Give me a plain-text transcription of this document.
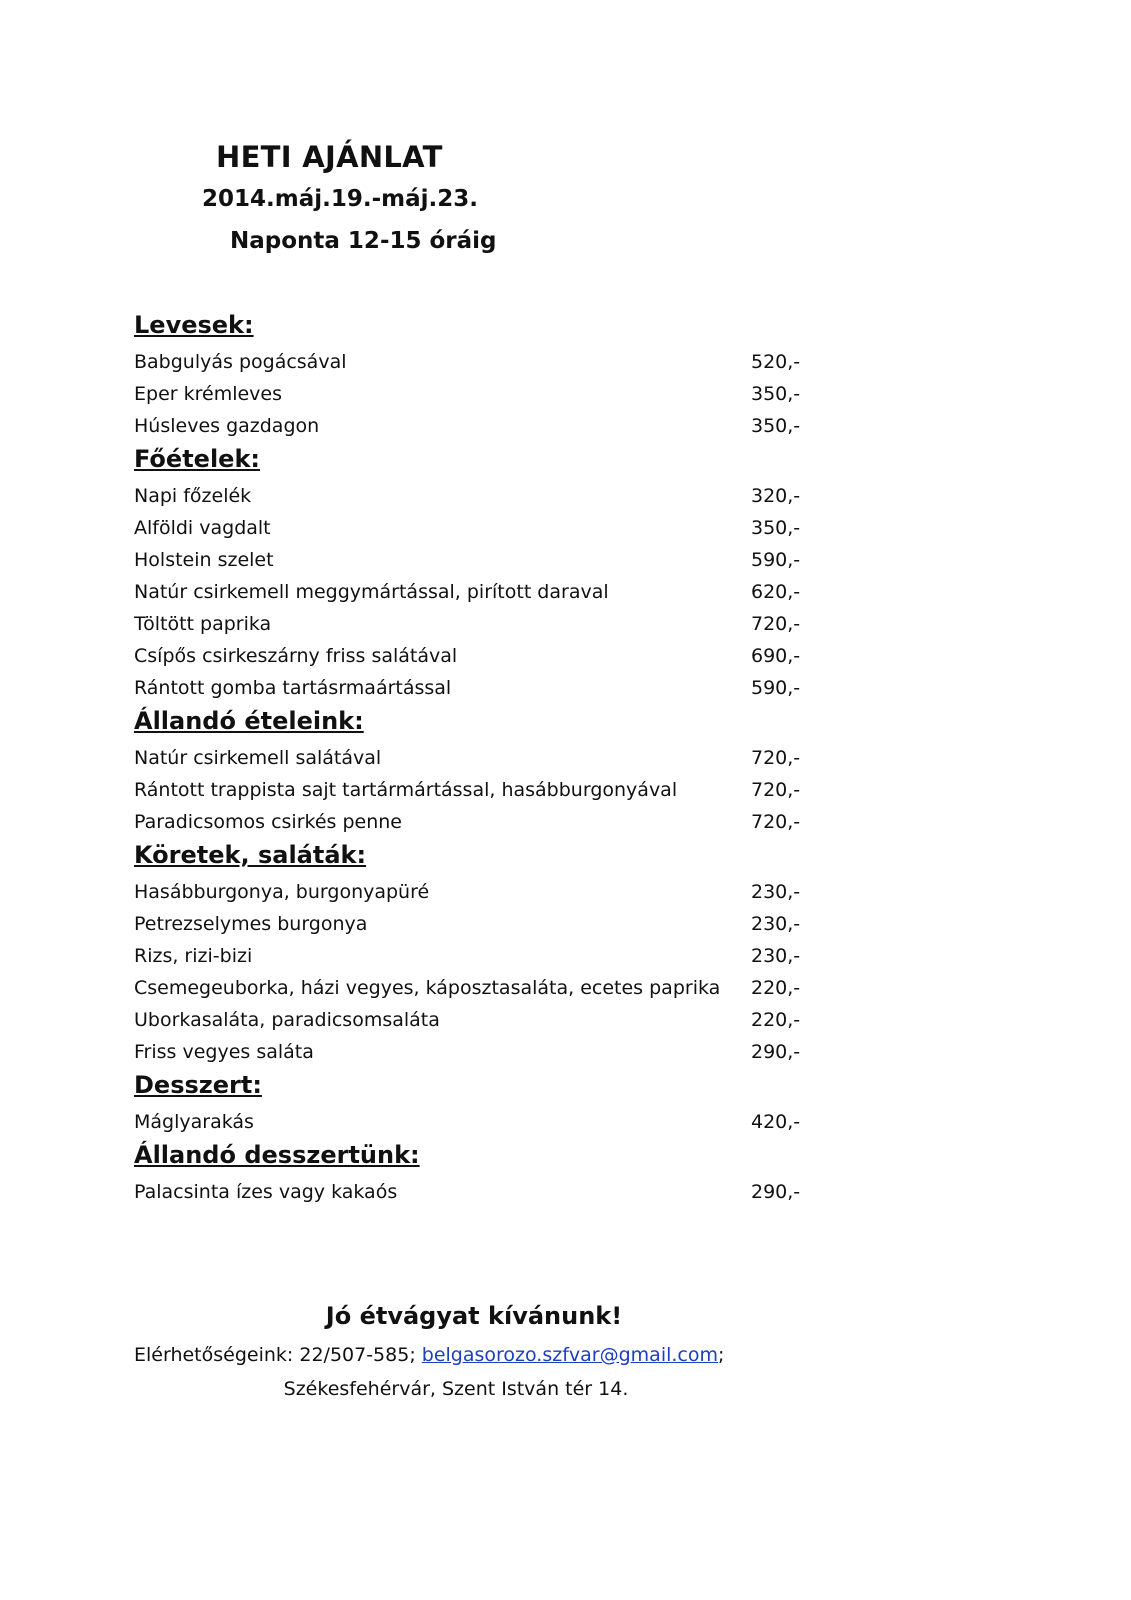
HETI AJÁNLAT

2014.máj.19.-máj.23.

Naponta 12-15 óráig

Levesek:
Babgulyás pogácsával	520,-
Eper krémleves	350,-
Húsleves gazdagon	350,-
Főételek:
Napi főzelék	320,-
Alföldi vagdalt	350,-
Holstein szelet	590,-
Natúr csirkemell meggymártással, pirított daraval	620,-
Töltött paprika	720,-
Csípős csirkeszárny friss salátával	690,-
Rántott gomba tartásrmaártással	590,-
Állandó ételeink:
Natúr csirkemell salátával	720,-
Rántott trappista sajt tartármártással, hasábburgonyával	720,-
Paradicsomos csirkés penne	720,-
Köretek, saláták:
Hasábburgonya, burgonyapüré	230,-
Petrezselymes burgonya	230,-
Rizs, rizi-bizi	230,-
Csemegeuborka, házi vegyes, káposztasaláta, ecetes paprika 220,-
Uborkasaláta, paradicsomsaláta	220,-
Friss vegyes saláta	290,-
Desszert:
Máglyarakás	420,-
Állandó desszertünk:
Palacsinta ízes vagy kakaós	290,-

Jó étvágyat kívánunk!

Elérhetőségeink: 22/507-585; belgasorozo.szfvar@gmail.com;

Székesfehérvár, Szent István tér 14.
